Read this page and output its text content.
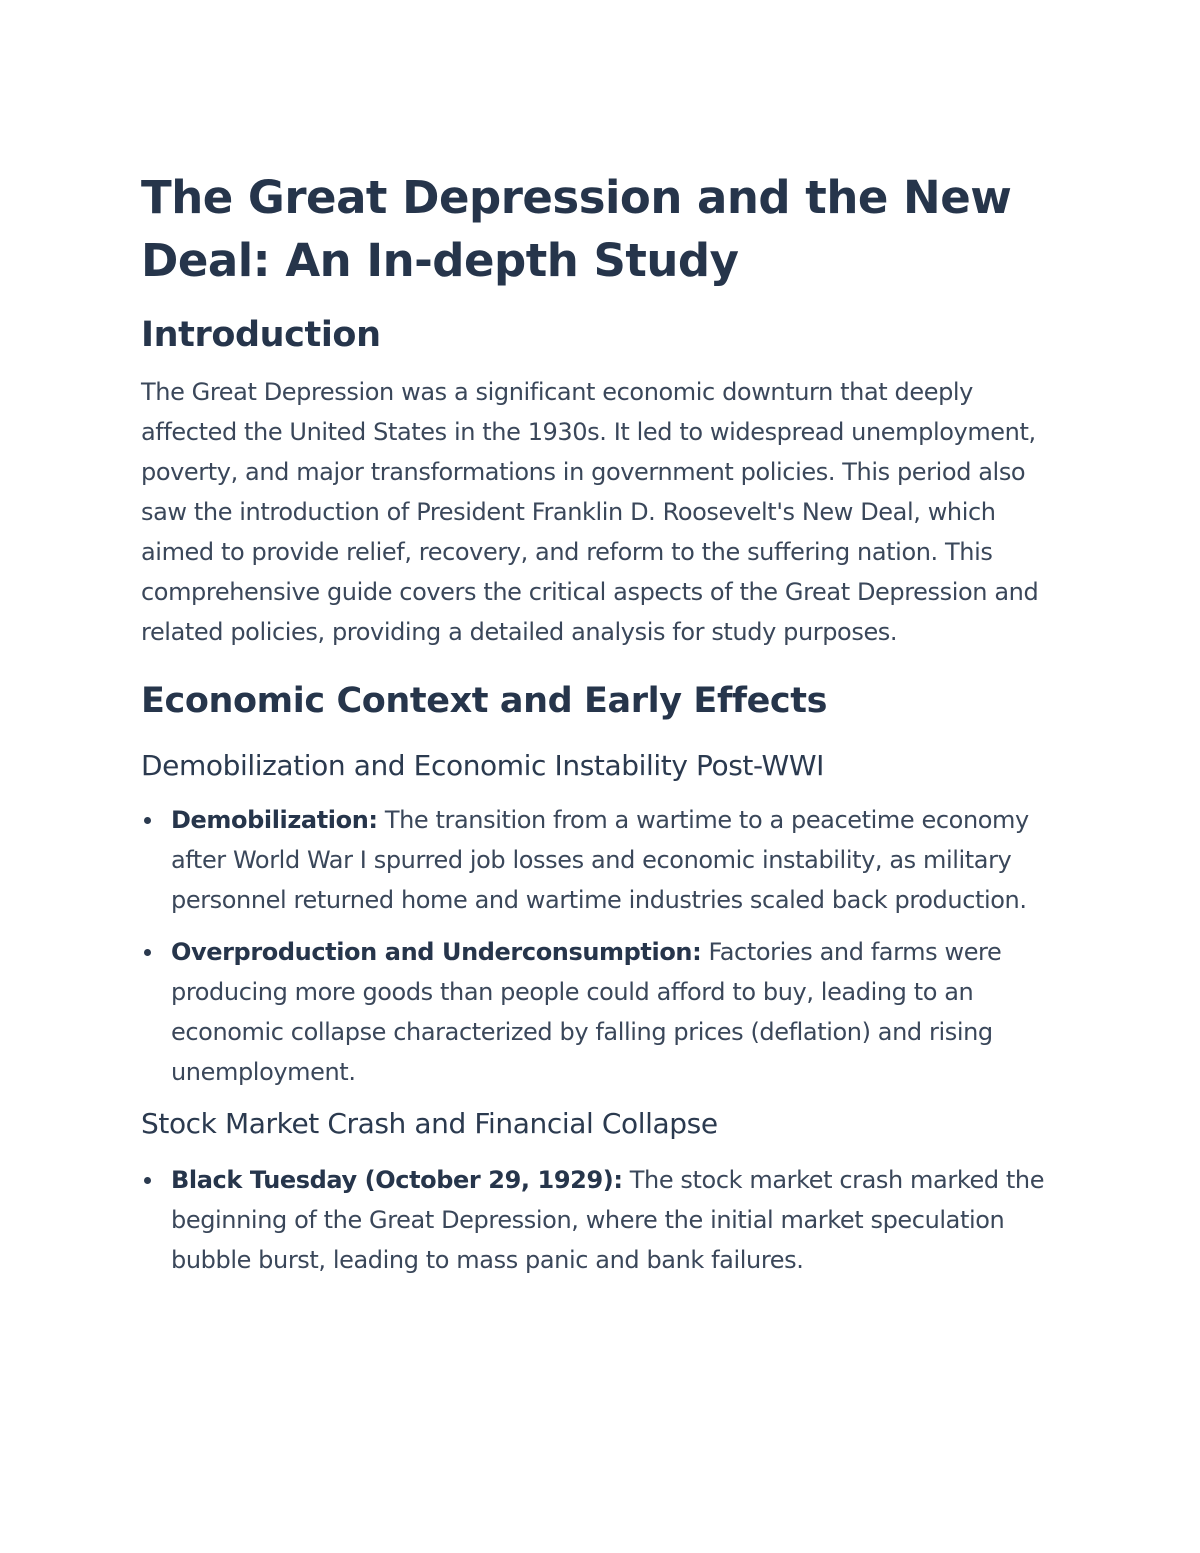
The Great Depression and the New Deal: An In-depth Study
Introduction

The Great Depression was a significant economic downturn that deeply affected the United States in the 1930s. It led to widespread unemployment, poverty, and major transformations in government policies. This period also saw the introduction of President Franklin D. Roosevelt's New Deal, which aimed to provide relief, recovery, and reform to the suffering nation. This comprehensive guide covers the critical aspects of the Great Depression and related policies, providing a detailed analysis for study purposes.

Economic Context and Early Effects
Demobilization and Economic Instability Post-WWI
Demobilization: The transition from a wartime to a peacetime economy after World War I spurred job losses and economic instability, as military personnel returned home and wartime industries scaled back production.
Overproduction and Underconsumption: Factories and farms were producing more goods than people could afford to buy, leading to an economic collapse characterized by falling prices (deflation) and rising unemployment.
Stock Market Crash and Financial Collapse
Black Tuesday (October 29, 1929): The stock market crash marked the beginning of the Great Depression, where the initial market speculation bubble burst, leading to mass panic and bank failures.
